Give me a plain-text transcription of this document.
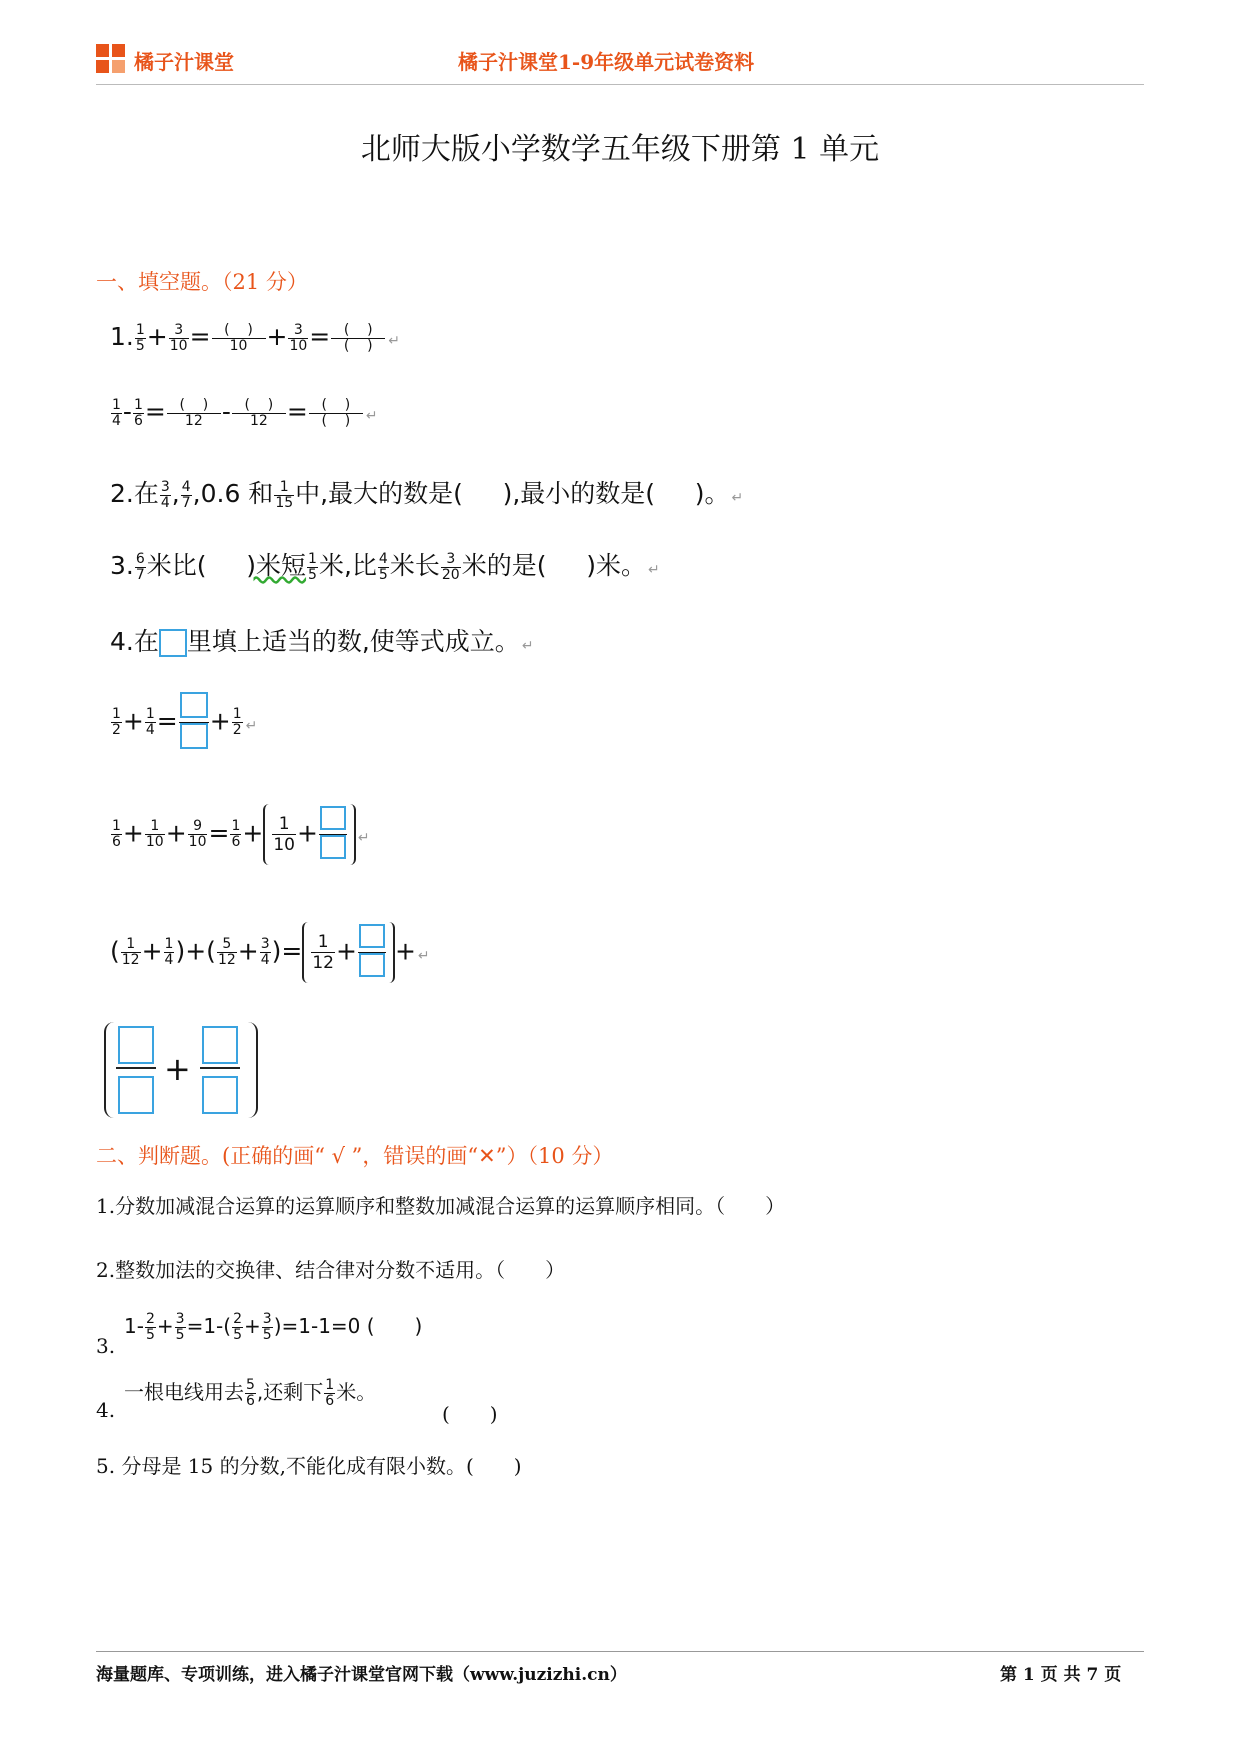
橘子汁课堂	橘子汁课堂1-9年级单元试卷资料
北师大版小学数学五年级下册第 1 单元
一、填空题。（21 分）
1. $\frac{1}{5} + \frac{3}{10} = \frac{( )}{10} + \frac{3}{10} = \frac{( )}{( )}$ ↵
$\frac{1}{4} - \frac{1}{6} = \frac{( )}{12} - \frac{( )}{12} = \frac{( )}{( )}$ ↵
2.在 $\frac{3}{4}$ , $\frac{4}{7} ,0.6$ 和 $\frac{1}{15}$ 中,最大的数是( ),最小的数是( )。 ↵
3. $\frac{6}{7}$ 米比( )米短 $\frac{1}{5}$ 米,比 $\frac{4}{5}$ 米长 $\frac{3}{20}$ 米的是( )米。 ↵
4.在 里填上适当的数,使等式成立。 ↵
$\frac{1}{2} + \frac{1}{4}$ = + $\frac{1}{2}$ ↵
$\frac{1}{6} + \frac{1}{10} + \frac{9}{10} = \frac{1}{6} + \frac{1}{10}$ +	↵
( $\frac{1}{12} + \frac{1}{4}$ )+( $\frac{5}{12} + \frac{3}{4}$ )= $\frac{1}{12}$ + + ↵
+
二、判断题。(正确的画“ √ ”，错误的画“✕”）（10 分）
1.分数加减混合运算的运算顺序和整数加减混合运算的运算顺序相同。（　　）
2.整数加法的交换律、结合律对分数不适用。（　　）
3.
$1- \frac{2}{5} + \frac{3}{5} =1-( \frac{2}{5} + \frac{3}{5} )=1-1=0$ (　　)
4.
一根电线用去 $\frac{5}{6}$ ,还剩下 $\frac{1}{6}$ 米。
(　　)
5. 分母是 15 的分数,不能化成有限小数。(　　)
海量题库、专项训练，进入橘子汁课堂官网下载（www.juzizhi.cn）	第 1 页 共 7 页
